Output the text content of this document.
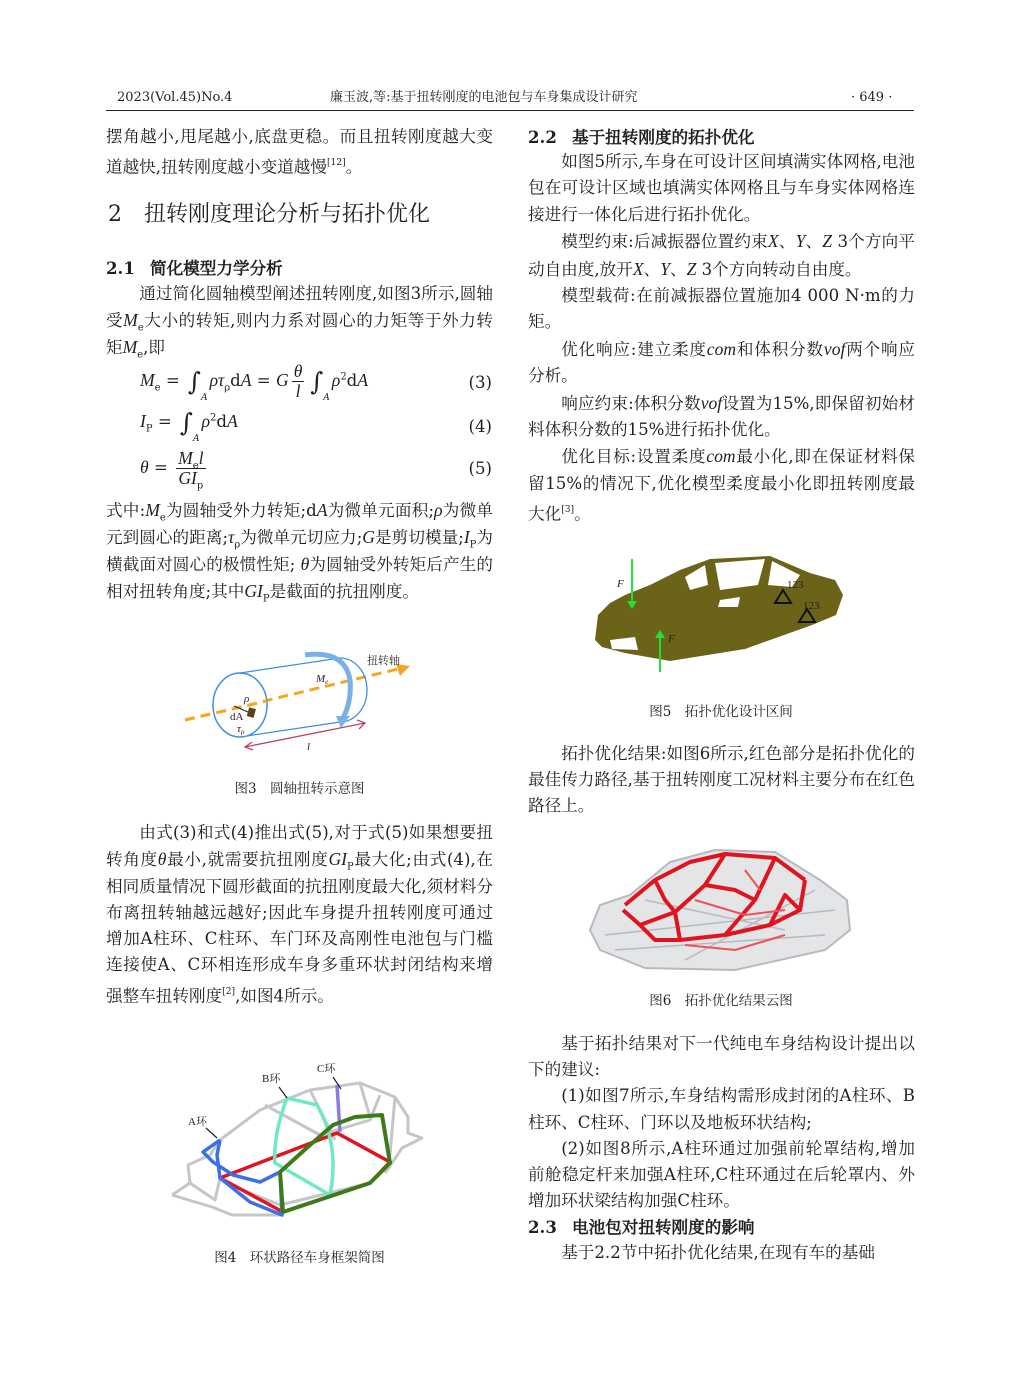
2023(Vol.45)No.4	廉玉波,等:基于扭转刚度的电池包与车身集成设计研究	· 649 ·

摆角越小,甩尾越小,底盘更稳。而且扭转刚度越大变道越快,扭转刚度越小变道越慢[12]。

2 扭转刚度理论分析与拓扑优化
2.1 简化模型力学分析

通过简化圆轴模型阐述扭转刚度,如图3所示,圆轴受$M_e$大小的转矩,则内力系对圆心的力矩等于外力转矩$M_e$,即

$M_e = \int_A\rho\tau_\rho dA = G \frac{\theta}{l} \int_A\rho^2dA$	(3)
$I_P = \int_A\rho^2dA$	(4)
$\theta = \frac{M_el}{GI_p}$	(5)

式中$:M_e$为圆轴受外力转矩;dA为微单元面积;ρ为微单元到圆心的距离$;\tau_\rho$为微单元切应力;G是剪切模量$;I_P$为横截面对圆心的极惯性矩; θ为圆轴受外转矩后产生的相对扭转角度;其中$GI_P$是截面的抗扭刚度。

扭转轴
Me
ρ
dA
τρ
l
图3　圆轴扭转示意图

由式(3)和式(4)推出式(5),对于式(5)如果想要扭转角度θ最小,就需要抗扭刚度$GI_P$最大化;由式(4),在相同质量情况下圆形截面的抗扭刚度最大化,须材料分布离扭转轴越远越好;因此车身提升扭转刚度可通过增加A柱环、C柱环、车门环及高刚性电池包与门槛连接使A、C环相连形成车身多重环状封闭结构来增强整车扭转刚度[2],如图4所示。

A环
B环
C环
图4　环状路径车身框架简图
2.2 基于扭转刚度的拓扑优化

如图5所示,车身在可设计区间填满实体网格,电池包在可设计区域也填满实体网格且与车身实体网格连接进行一体化后进行拓扑优化。

模型约束:后减振器位置约束X、Y、Z 3个方向平动自由度,放开X、Y、Z 3个方向转动自由度。

模型载荷:在前减振器位置施加4 000 N·m的力矩。

优化响应:建立柔度com和体积分数vof两个响应分析。

响应约束:体积分数vof设置为15%,即保留初始材料体积分数的15%进行拓扑优化。

优化目标:设置柔度com最小化,即在保证材料保留15%的情况下,优化模型柔度最小化即扭转刚度最大化[3]。

F
F
123
123
图5　拓扑优化设计区间

拓扑优化结果:如图6所示,红色部分是拓扑优化的最佳传力路径,基于扭转刚度工况材料主要分布在红色路径上。

图6　拓扑优化结果云图

基于拓扑结果对下一代纯电车身结构设计提出以下的建议:

(1)如图7所示,车身结构需形成封闭的A柱环、B柱环、C柱环、门环以及地板环状结构;

(2)如图8所示,A柱环通过加强前轮罩结构,增加前舱稳定杆来加强A柱环,C柱环通过在后轮罩内、外增加环状梁结构加强C柱环。

2.3 电池包对扭转刚度的影响

基于2.2节中拓扑优化结果,在现有车的基础
